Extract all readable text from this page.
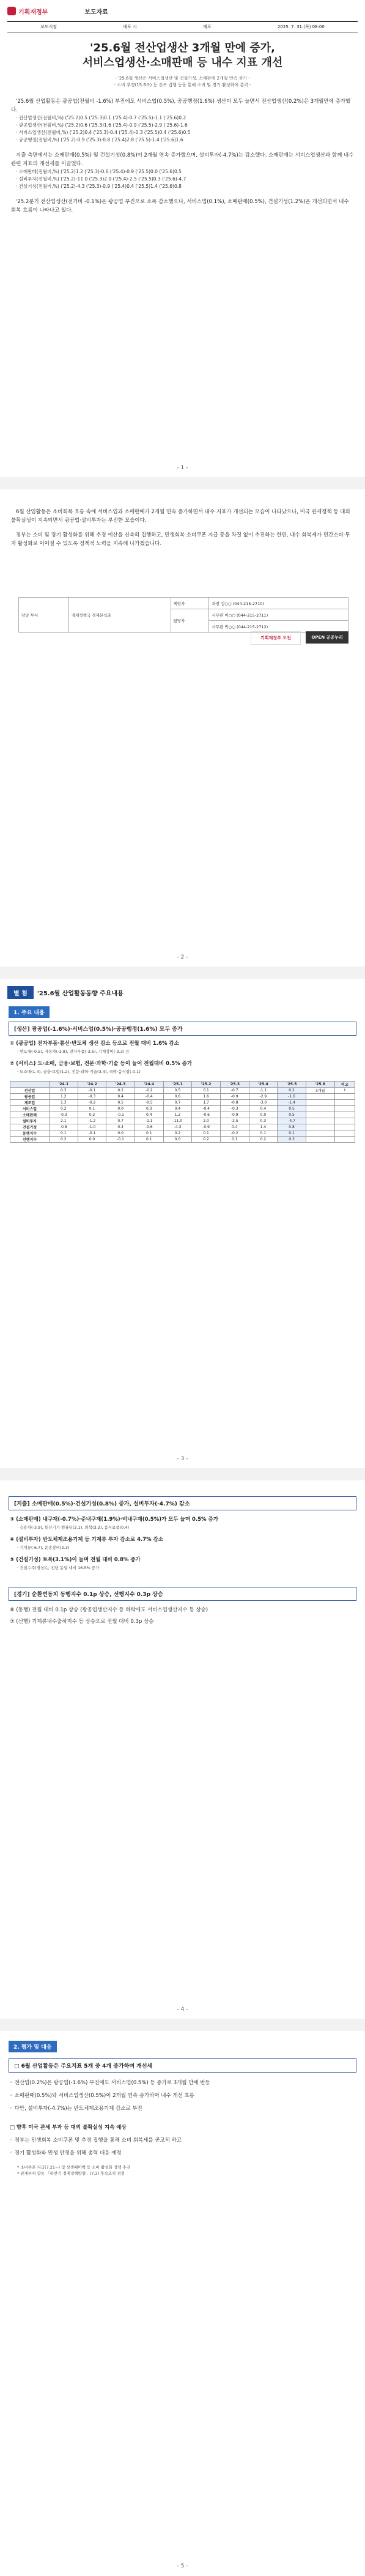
기획재정부	보도자료
보도시점	배포 시	배포	2025. 7. 31.(목) 08:00
'25.6월 전산업생산 3개월 만에 증가,
서비스업생산·소매판매 등 내수 지표 개선
- '25.6월 생산은 서비스업생산 및 건설기성, 소매판매 2개월 연속 증가 -
- 소비 추경(15.6조) 등 신속 집행 등을 통해 소비 및 경기 활성화에 총력 -

'25.6월 산업활동은 광공업(전월비 -1.6%) 부진에도 서비스업(0.5%), 공공행정(1.6%) 생산이 모두 늘면서 전산업생산(0.2%)은 3개월만에 증가했다.

· 전산업생산(전월비,%) ('25.2)0.5 ('25.3)0.1 ('25.4)-0.7 ('25.5)-1.1 ('25.6)0.2
· 광공업생산(전월비,%) ('25.2)0.6 ('25.3)1.6 ('25.4)-0.9 ('25.5)-2.9 ('25.6)-1.6
· 서비스업생산(전월비,%) ('25.2)0.4 ('25.3)-0.4 ('25.4)-0.3 ('25.5)0.4 ('25.6)0.5
· 공공행정(전월비,%) ('25.2)-0.9 ('25.3)-0.8 ('25.4)2.8 ('25.5)-1.4 ('25.6)1.6

지출 측면에서는 소매판매(0.5%) 및 건설기성(0.8%)이 2개월 연속 증가했으며, 설비투자(-4.7%)는 감소했다. 소매판매는 서비스업생산과 함께 내수 관련 지표의 개선세를 이끌었다.

· 소매판매(전월비,%) ('25.2)1.2 ('25.3)-0.6 ('25.4)-0.9 ('25.5)0.0 ('25.6)0.5
· 설비투자(전월비,%) ('25.2)-11.0 ('25.3)2.0 ('25.4)-2.5 ('25.5)0.3 ('25.6)-4.7
· 건설기성(전월비,%) ('25.2)-4.3 ('25.3)-0.9 ('25.4)0.4 ('25.5)1.4 ('25.6)0.8

'25.2분기 전산업생산(전기비 -0.1%)은 광공업 부진으로 소폭 감소했으나, 서비스업(0.1%), 소매판매(0.5%), 건설기성(1.2%)은 개선되면서 내수 회복 흐름이 나타나고 있다.

- 1 -

6월 산업활동은 소비회복 흐름 속에 서비스업과 소매판매가 2개월 연속 증가하면서 내수 지표가 개선되는 모습이 나타났으나, 미국 관세정책 등 대외 불확실성이 지속되면서 광공업·설비투자는 부진한 모습이다.

정부는 소비 및 경기 활성화를 위해 추경 예산을 신속히 집행하고, 민생회복 소비쿠폰 지급 등을 차질 없이 추진하는 한편, 내수 회복세가 민간소비·투자 활성화로 이어질 수 있도록 정책적 노력을 지속해 나가겠습니다.

담당 부서	경제정책국 경제분석과	책임자	과장 김○○ (044-215-2710)
		담당자	사무관 이○○ (044-215-2711)
			사무관 박○○ (044-215-2712)
기획재정부 도전	OPEN 공공누리
- 2 -
별 첨	'25.6월 산업활동동향 주요내용
1. 주요 내용
[생산] 광공업(-1.6%)·서비스업(0.5%)·공공행정(1.6%) 모두 증가
① (광공업) 전자부품·통신·반도체 생산 감소 등으로 전월 대비 1.6% 감소
· 반도체(-0.5), 자동차(-3.8), 전자부품(-3.6), 기계장비(-3.3) 등
② (서비스) 도·소매, 금융·보험, 전문·과학·기술 등이 늘어 전월대비 0.5% 증가
· 도소매(1.4), 금융·보험(1.2), 전문·과학·기술(3.4), 숙박·음식점(-0.1)
	'24.1	'24.2	'24.3	'24.4	'25.1	'25.2	'25.3	'25.4	'25.5	'25.6	비고
전산업	0.3	-0.1	0.2	-0.2	0.5	0.1	-0.7	-1.1	0.2	3개월	↑
광공업	1.2	-0.3	0.4	-0.4	0.6	1.6	-0.9	-2.9	-1.6		
제조업	1.3	-0.2	0.5	-0.5	0.7	1.7	-0.8	-3.0	-1.4		
서비스업	0.2	0.1	0.0	0.3	0.4	-0.4	-0.3	0.4	0.5		
소매판매	-0.3	0.2	-0.1	0.4	1.2	-0.6	-0.9	0.0	0.5		
설비투자	2.1	-1.2	0.7	-1.1	-11.0	2.0	-2.5	0.3	-4.7		
건설기성	-0.8	-1.0	0.4	-0.6	-4.3	-0.9	0.4	1.4	0.8		
동행지수	0.1	-0.1	0.0	0.1	0.2	0.1	-0.2	0.1	0.1		
선행지수	0.2	0.0	-0.1	0.1	0.0	0.2	0.1	0.2	0.3		
- 3 -
[지출] 소매판매(0.5%)·건설기성(0.8%) 증가, 설비투자(-4.7%) 감소
③ (소매판매) 내구재(-0.7%)·준내구재(1.9%)·비내구재(0.5%)가 모두 늘며 0.5% 증가
· 승용차(-3.9), 통신기기·컴퓨터(2.1), 의복(3.2), 음식료품(0.4)
④ (설비투자) 반도체제조용기계 등 기계류 투자 감소로 4.7% 감소
· 기계류(-6.7), 운송장비(2.3)
⑤ (건설기성) 토목(3.1%)이 늘며 전월 대비 0.8% 증가
· 건설수주(경상)는 전년 동월 대비 16.5% 증가
[경기] 순환변동치 동행지수 0.1p 상승, 선행지수 0.3p 상승
⑥ (동행) 전월 대비 0.1p 상승 (광공업생산지수 등 하락에도 서비스업생산지수 등 상승)
⑦ (선행) 기계류내수출하지수 등 상승으로 전월 대비 0.3p 상승
- 4 -
2. 평가 및 대응
□ 6월 산업활동은 주요지표 5개 중 4개 증가하며 개선세
◦ 전산업(0.2%)은 광공업(-1.6%) 부진에도 서비스업(0.5%) 등 증가로 3개월 만에 반등
◦ 소매판매(0.5%)와 서비스업생산(0.5%)이 2개월 연속 증가하며 내수 개선 흐름
◦ 다만, 설비투자(-4.7%)는 반도체제조용기계 감소로 부진
□ 향후 미국 관세 부과 등 대외 불확실성 지속 예상
◦ 정부는 민생회복 소비쿠폰 및 추경 집행을 통해 소비 회복세를 공고히 하고
◦ 경기 활성화와 민생 안정을 위해 총력 대응 예정
* 소비쿠폰 지급(7.21~) 및 상생페이백 등 소비 활성화 정책 추진
* 관계부처 합동 「하반기 경제정책방향」(7.3) 후속조치 점검
- 5 -
